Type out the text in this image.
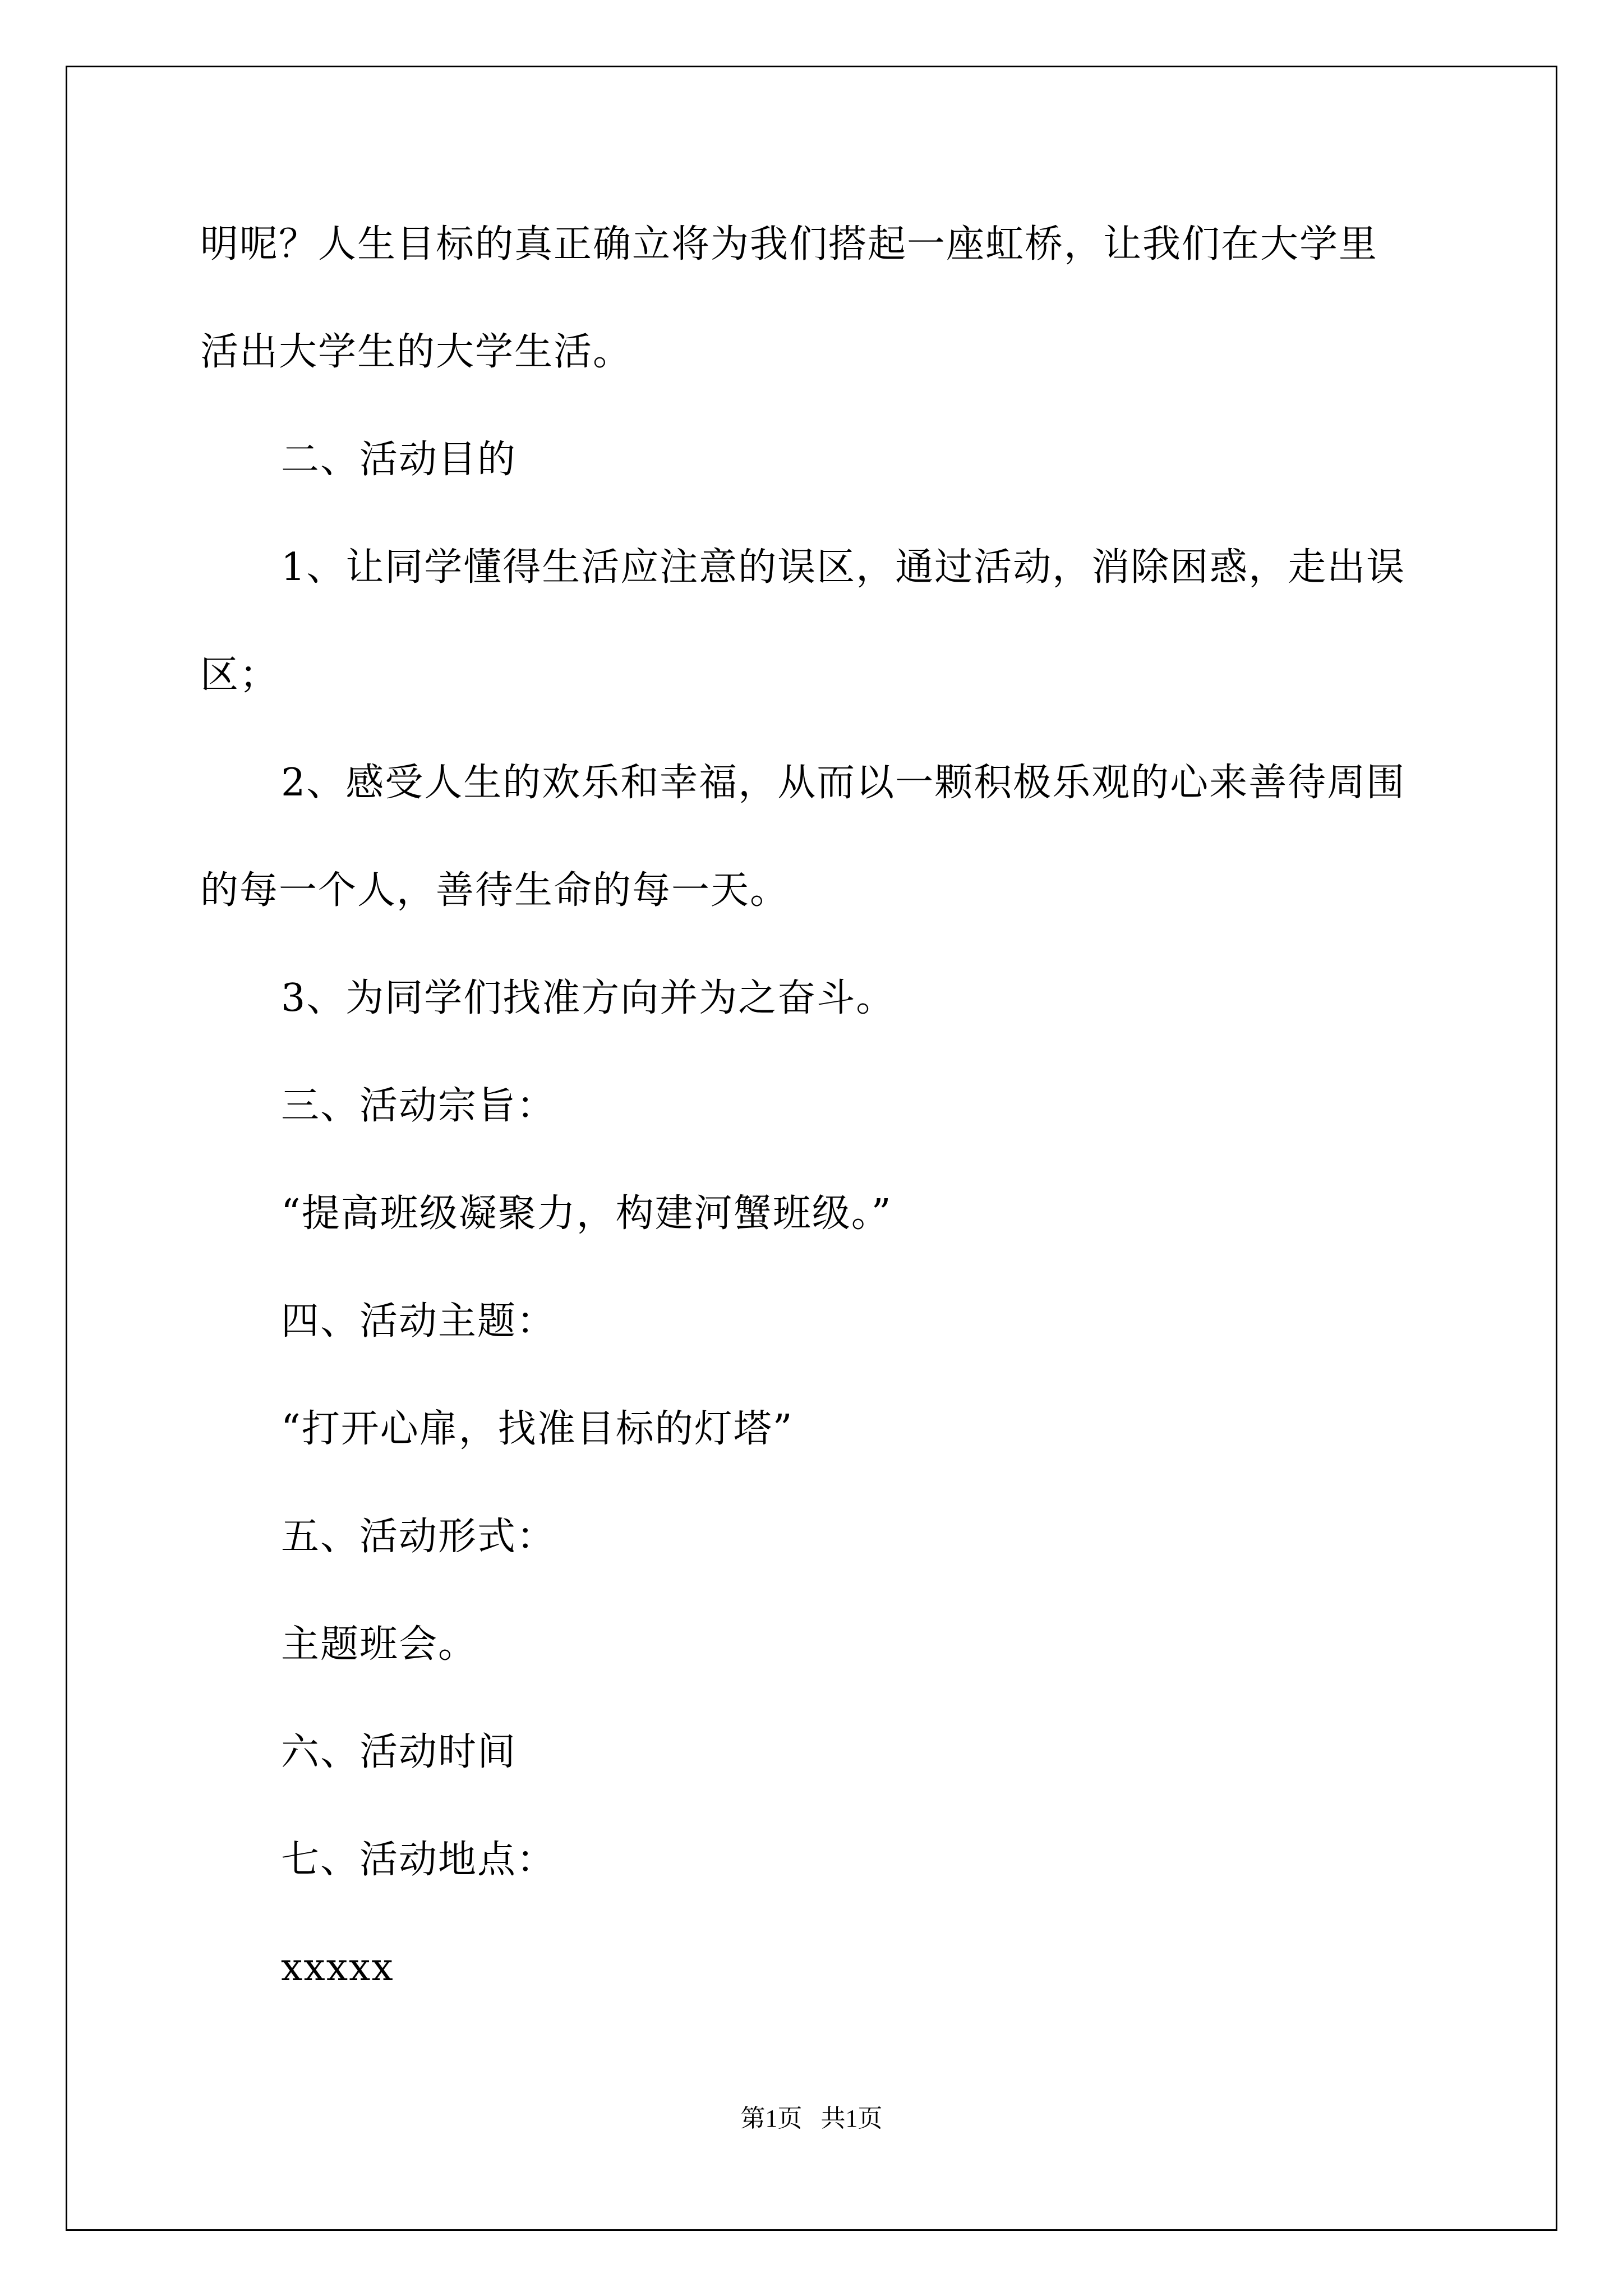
明呢？人生目标的真正确立将为我们搭起一座虹桥，让我们在大学里

活出大学生的大学生活。

二、活动目的

1、让同学懂得生活应注意的误区，通过活动，消除困惑，走出误

区；

2、感受人生的欢乐和幸福，从而以一颗积极乐观的心来善待周围

的每一个人，善待生命的每一天。

3、为同学们找准方向并为之奋斗。

三、活动宗旨：

“提高班级凝聚力，构建河蟹班级。”

四、活动主题：

“打开心扉，找准目标的灯塔”

五、活动形式：

主题班会。

六、活动时间

七、活动地点：

xxxxx

第1页   共1页
